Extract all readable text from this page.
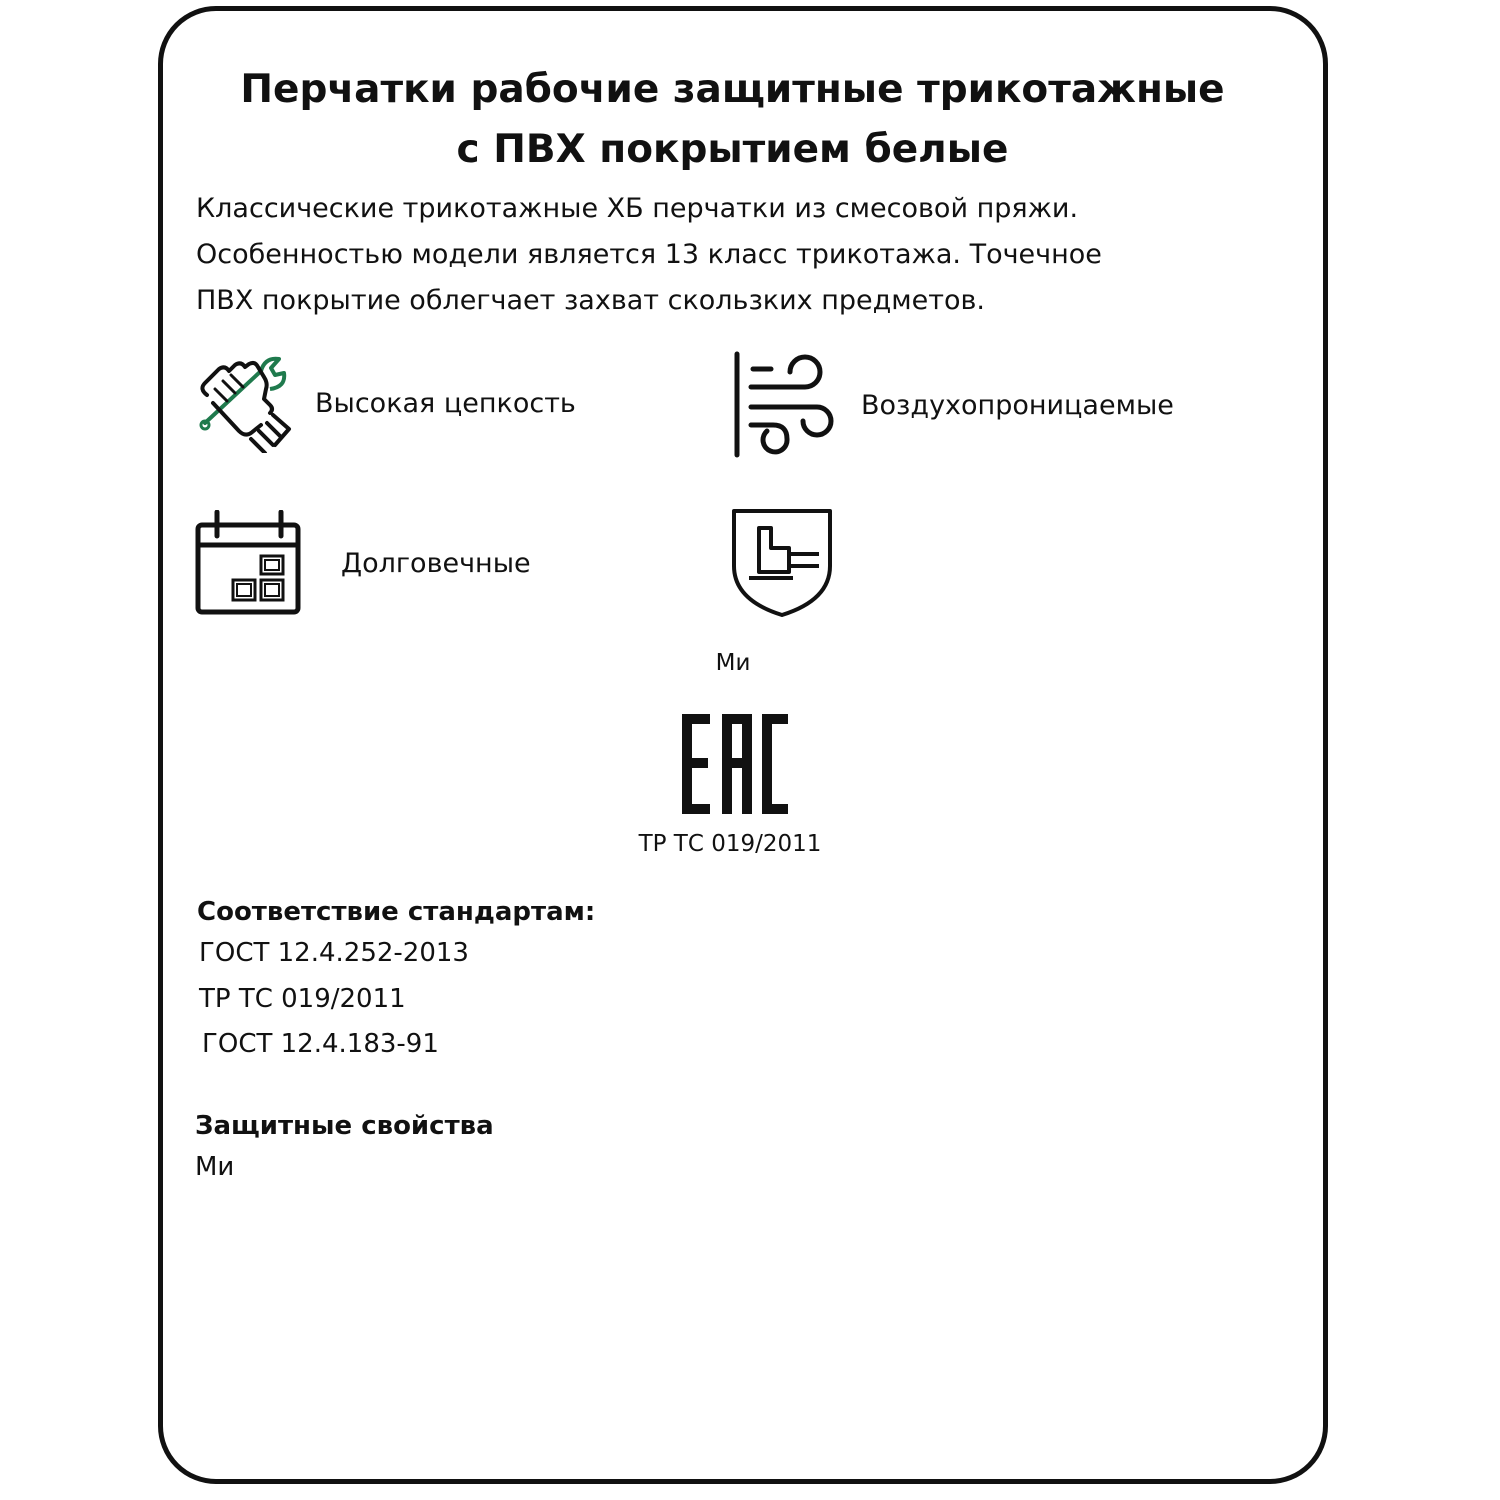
Перчатки рабочие защитные трикотажные
с ПВХ покрытием белые

Классические трикотажные ХБ перчатки из смесовой пряжи.
Особенностью модели является 13 класс трикотажа. Точечное
ПВХ покрытие облегчает захват скользких предметов.

Высокая цепкость	Воздухопроницаемые
Долговечные
Ми
ТР ТС 019/2011

Соответствие стандартам:

ГОСТ 12.4.252-2013
ТР ТС 019/2011
ГОСТ 12.4.183-91

Защитные свойства

Ми
